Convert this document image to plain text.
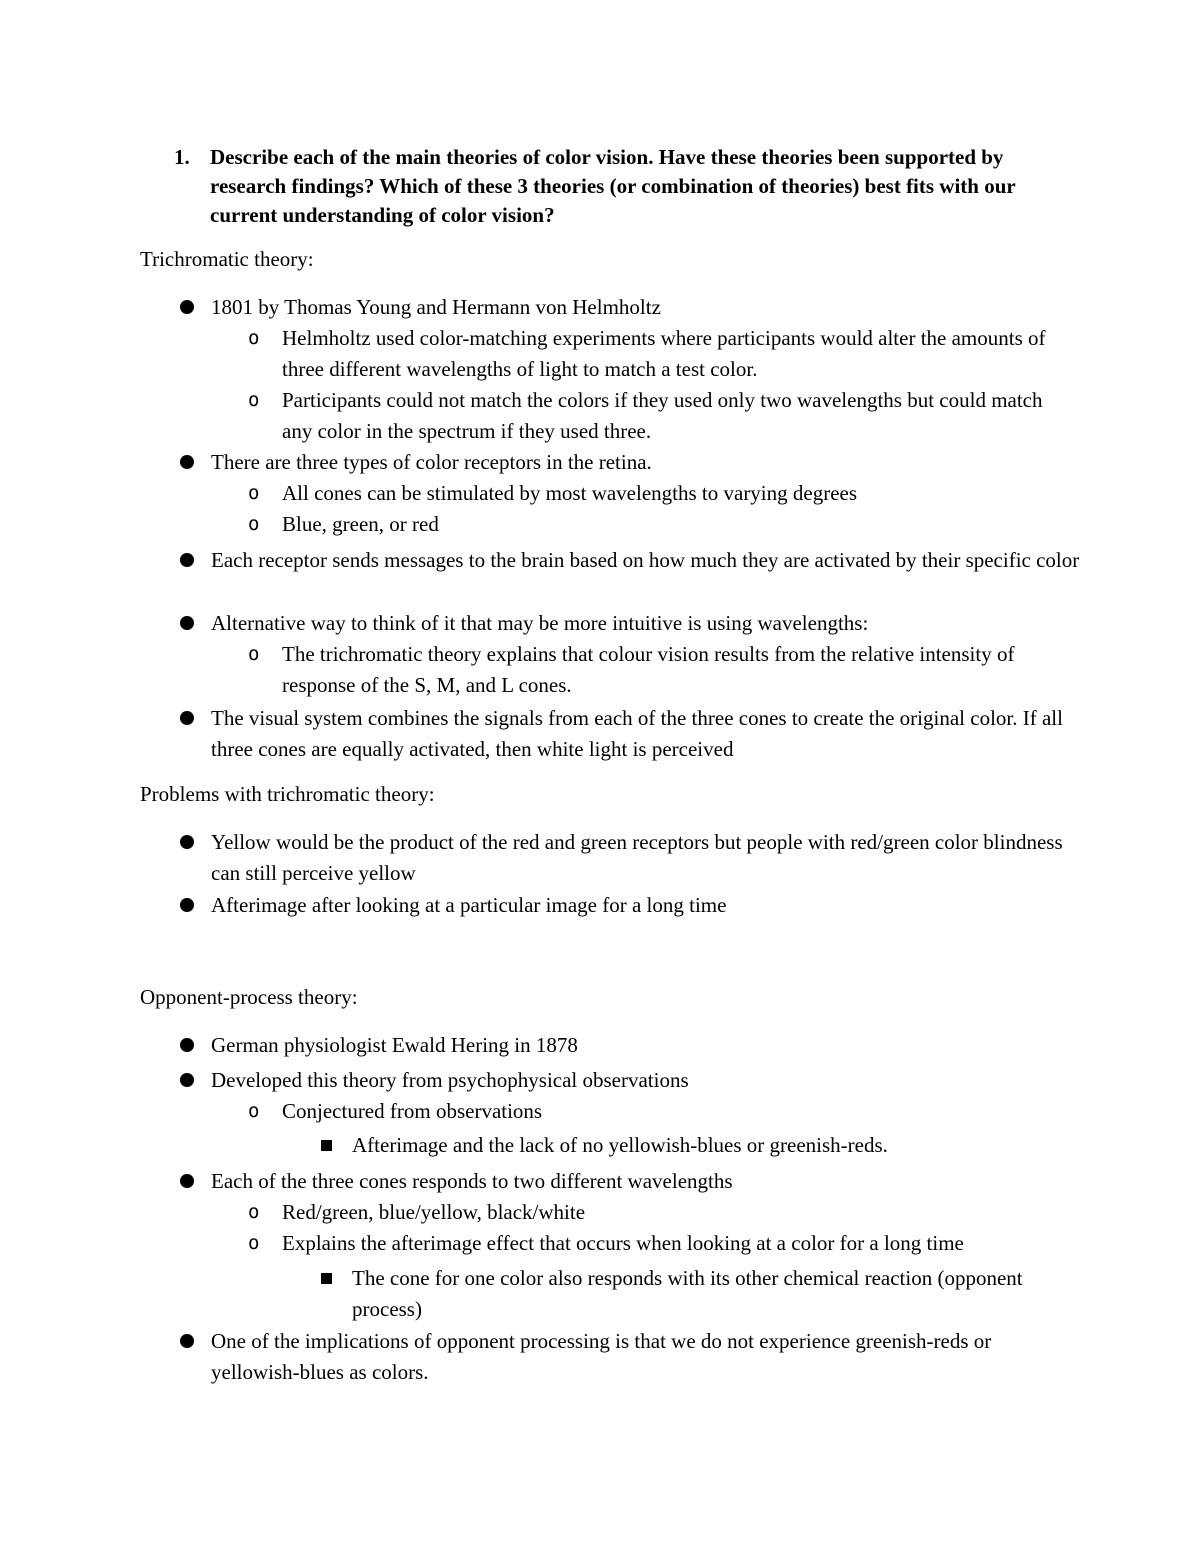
1. Describe each of the main theories of color vision. Have these theories been supported by research findings? Which of these 3 theories (or combination of theories) best fits with our current understanding of color vision?
Trichromatic theory:
1801 by Thomas Young and Hermann von Helmholtz
o Helmholtz used color-matching experiments where participants would alter the amounts of three different wavelengths of light to match a test color.
o Participants could not match the colors if they used only two wavelengths but could match any color in the spectrum if they used three.
There are three types of color receptors in the retina.
o All cones can be stimulated by most wavelengths to varying degrees
o Blue, green, or red
Each receptor sends messages to the brain based on how much they are activated by their specific color
Alternative way to think of it that may be more intuitive is using wavelengths:
o The trichromatic theory explains that colour vision results from the relative intensity of response of the S, M, and L cones.
The visual system combines the signals from each of the three cones to create the original color. If all three cones are equally activated, then white light is perceived
Problems with trichromatic theory:
Yellow would be the product of the red and green receptors but people with red/green color blindness can still perceive yellow
Afterimage after looking at a particular image for a long time
Opponent-process theory:
German physiologist Ewald Hering in 1878
Developed this theory from psychophysical observations
o Conjectured from observations
Afterimage and the lack of no yellowish-blues or greenish-reds.
Each of the three cones responds to two different wavelengths
o Red/green, blue/yellow, black/white
o Explains the afterimage effect that occurs when looking at a color for a long time
The cone for one color also responds with its other chemical reaction (opponent process)
One of the implications of opponent processing is that we do not experience greenish-reds or yellowish-blues as colors.
